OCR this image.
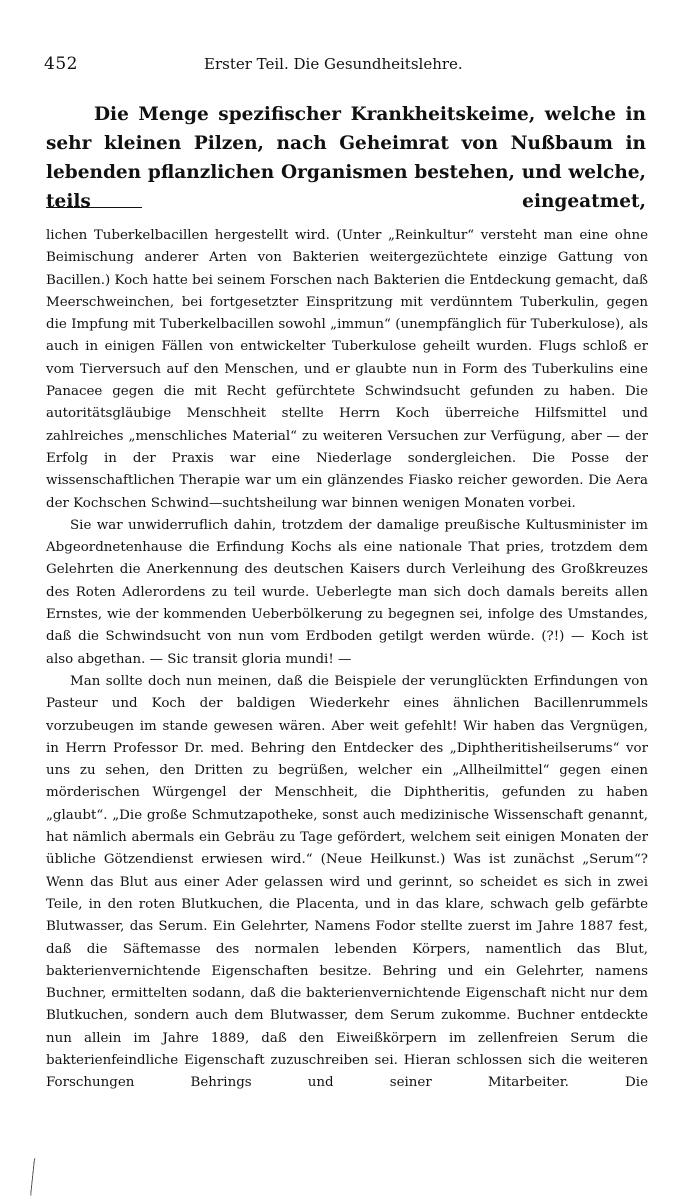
452	Erster Teil. Die Gesundheitslehre.

Die Menge spezifischer Krankheitskeime, welche in sehr kleinen Pilzen, nach Geheimrat von Nußbaum in lebenden pflanzlichen Organismen bestehen, und welche, teils eingeatmet,

lichen Tuberkelbacillen hergestellt wird. (Unter „Reinkultur“ versteht man eine ohne Beimischung anderer Arten von Bakterien weitergezüchtete einzige Gattung von Bacillen.) Koch hatte bei seinem Forschen nach Bakterien die Entdeckung gemacht, daß Meerschweinchen, bei fortgesetzter Einspritzung mit verdünntem Tuberkulin, gegen die Impfung mit Tuberkelbacillen sowohl „immun“ (unempfänglich für Tuberkulose), als auch in einigen Fällen von entwickelter Tuberkulose geheilt wurden. Flugs schloß er vom Tierversuch auf den Menschen, und er glaubte nun in Form des Tuberkulins eine Panacee gegen die mit Recht gefürchtete Schwindsucht gefunden zu haben. Die autoritätsgläubige Menschheit stellte Herrn Koch überreiche Hilfsmittel und zahlreiches „menschliches Material“ zu weiteren Versuchen zur Verfügung, aber — der Erfolg in der Praxis war eine Niederlage sondergleichen. Die Posse der wissenschaftlichen Therapie war um ein glänzendes Fiasko reicher geworden. Die Aera der Kochschen Schwind—suchtsheilung war binnen wenigen Monaten vorbei.

Sie war unwiderruflich dahin, trotzdem der damalige preußische Kultusminister im Abgeordnetenhause die Erfindung Kochs als eine nationale That pries, trotzdem dem Gelehrten die Anerkennung des deutschen Kaisers durch Verleihung des Großkreuzes des Roten Adlerordens zu teil wurde. Ueberlegte man sich doch damals bereits allen Ernstes, wie der kommenden Ueberbölkerung zu begegnen sei, infolge des Umstandes, daß die Schwindsucht von nun vom Erdboden getilgt werden würde. (?!) — Koch ist also abgethan. — Sic transit gloria mundi! —

Man sollte doch nun meinen, daß die Beispiele der verunglückten Erfindungen von Pasteur und Koch der baldigen Wiederkehr eines ähnlichen Bacillenrummels vorzubeugen im stande gewesen wären. Aber weit gefehlt! Wir haben das Vergnügen, in Herrn Professor Dr. med. Behring den Entdecker des „Diphtheritisheilserums“ vor uns zu sehen, den Dritten zu begrüßen, welcher ein „Allheilmittel“ gegen einen mörderischen Würgengel der Menschheit, die Diphtheritis, gefunden zu haben „glaubt“. „Die große Schmutzapotheke, sonst auch medizinische Wissenschaft genannt, hat nämlich abermals ein Gebräu zu Tage gefördert, welchem seit einigen Monaten der übliche Götzendienst erwiesen wird.“ (Neue Heilkunst.) Was ist zunächst „Serum“? Wenn das Blut aus einer Ader gelassen wird und gerinnt, so scheidet es sich in zwei Teile, in den roten Blutkuchen, die Placenta, und in das klare, schwach gelb gefärbte Blutwasser, das Serum. Ein Gelehrter, Namens Fodor stellte zuerst im Jahre 1887 fest, daß die Säftemasse des normalen lebenden Körpers, namentlich das Blut, bakterienvernichtende Eigenschaften besitze. Behring und ein Gelehrter, namens Buchner, ermittelten sodann, daß die bakterienvernichtende Eigenschaft nicht nur dem Blutkuchen, sondern auch dem Blutwasser, dem Serum zukomme. Buchner entdeckte nun allein im Jahre 1889, daß den Eiweißkörpern im zellenfreien Serum die bakterienfeindliche Eigenschaft zuzuschreiben sei. Hieran schlossen sich die weiteren Forschungen Behrings und seiner Mitarbeiter. Die
